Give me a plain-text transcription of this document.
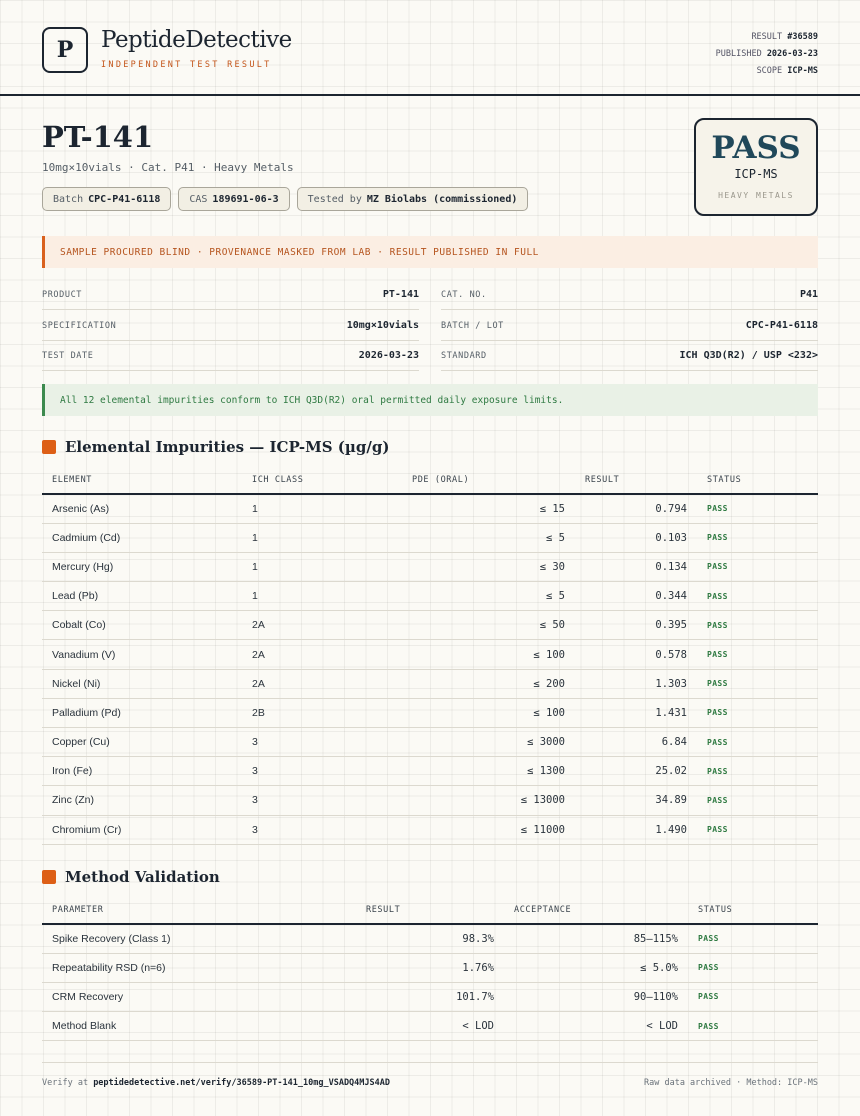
P	PeptideDetective
INDEPENDENT TEST RESULT
RESULT #36589
PUBLISHED 2026-03-23
SCOPE ICP-MS
PT-141
10mg×10vials · Cat. P41 · Heavy Metals
Batch CPC-P41-6118	CAS 189691-06-3	Tested by MZ Biolabs (commissioned)
PASS
ICP-MS
HEAVY METALS
SAMPLE PROCURED BLIND · PROVENANCE MASKED FROM LAB · RESULT PUBLISHED IN FULL
PRODUCT	PT-141
SPECIFICATION	10mg×10vials
TEST DATE	2026-03-23
CAT. NO.	P41
BATCH / LOT	CPC-P41-6118
STANDARD	ICH Q3D(R2) / USP <232>
All 12 elemental impurities conform to ICH Q3D(R2) oral permitted daily exposure limits.
Elemental Impurities — ICP-MS (µg/g)
ELEMENT	ICH CLASS	PDE (ORAL)	RESULT	STATUS
Arsenic (As)	1	≤ 15	0.794	PASS
Cadmium (Cd)	1	≤ 5	0.103	PASS
Mercury (Hg)	1	≤ 30	0.134	PASS
Lead (Pb)	1	≤ 5	0.344	PASS
Cobalt (Co)	2A	≤ 50	0.395	PASS
Vanadium (V)	2A	≤ 100	0.578	PASS
Nickel (Ni)	2A	≤ 200	1.303	PASS
Palladium (Pd)	2B	≤ 100	1.431	PASS
Copper (Cu)	3	≤ 3000	6.84	PASS
Iron (Fe)	3	≤ 1300	25.02	PASS
Zinc (Zn)	3	≤ 13000	34.89	PASS
Chromium (Cr)	3	≤ 11000	1.490	PASS
Method Validation
PARAMETER	RESULT	ACCEPTANCE	STATUS
Spike Recovery (Class 1)	98.3%	85–115%	PASS
Repeatability RSD (n=6)	1.76%	≤ 5.0%	PASS
CRM Recovery	101.7%	90–110%	PASS
Method Blank	< LOD	< LOD	PASS
Verify at peptidedetective.net/verify/36589-PT-141_10mg_VSADQ4MJS4AD	Raw data archived · Method: ICP-MS
